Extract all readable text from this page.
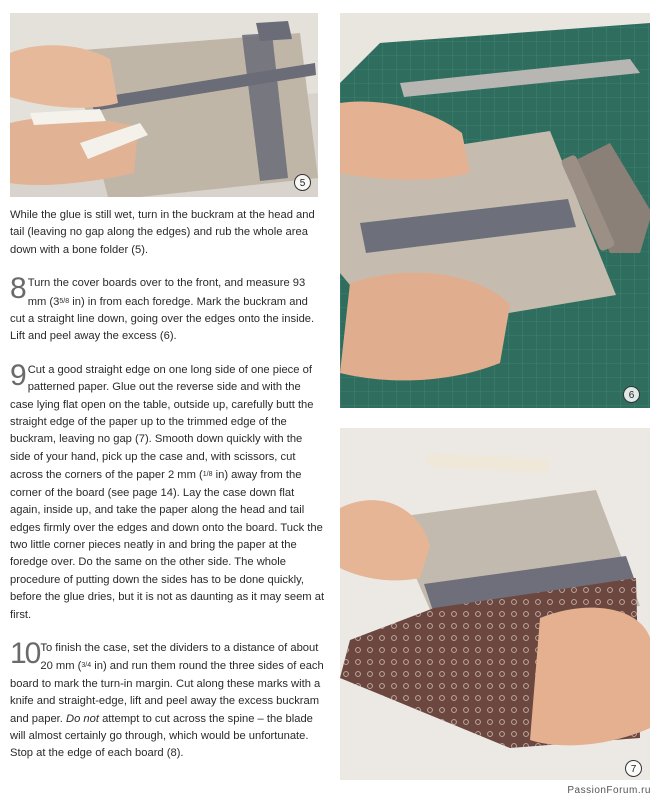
5
6
7

While the glue is still wet, turn in the buckram at the head and tail (leaving no gap along the edges) and rub the whole area down with a bone folder (5).

8 Turn the cover boards over to the front, and measure 93 mm (35/8 in) in from each foredge. Mark the buckram and cut a straight line down, going over the edges onto the inside. Lift and peel away the excess (6).

9 Cut a good straight edge on one long side of one piece of patterned paper. Glue out the reverse side and with the case lying flat open on the table, outside up, carefully butt the straight edge of the paper up to the trimmed edge of the buckram, leaving no gap (7). Smooth down quickly with the side of your hand, pick up the case and, with scissors, cut across the corners of the paper 2 mm (1/8 in) away from the corner of the board (see page 14). Lay the case down flat again, inside up, and take the paper along the head and tail edges firmly over the edges and down onto the board. Tuck the two little corner pieces neatly in and bring the paper at the foredge over. Do the same on the other side. The whole procedure of putting down the sides has to be done quickly, before the glue dries, but it is not as daunting as it may seem at first.

10 To finish the case, set the dividers to a distance of about 20 mm (3/4 in) and run them round the three sides of each board to mark the turn-in margin. Cut along these marks with a knife and straight-edge, lift and peel away the excess buckram and paper. Do not attempt to cut across the spine – the blade will almost certainly go through, which would be unfortunate. Stop at the edge of each board (8).

PassionForum.ru
